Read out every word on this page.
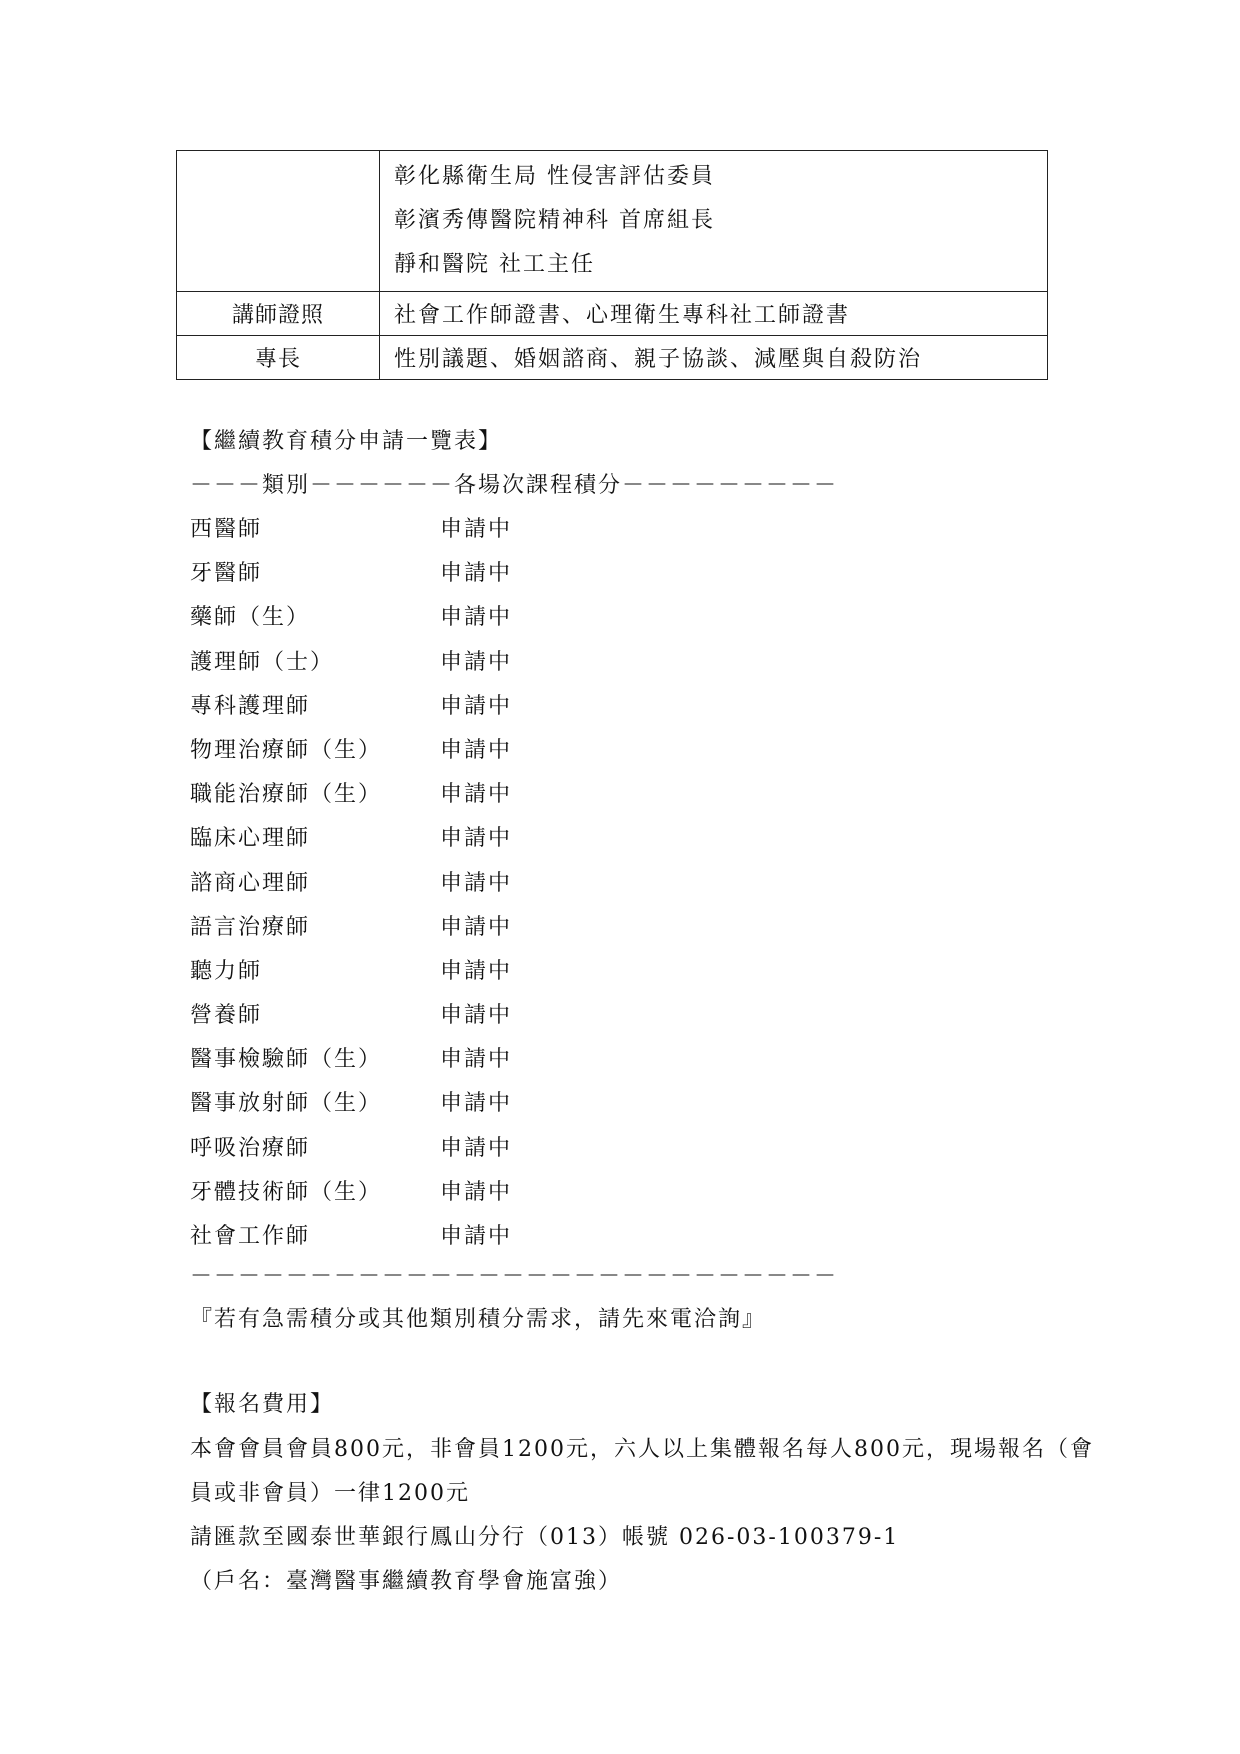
	彰化縣衛生局 性侵害評估委員
彰濱秀傳醫院精神科 首席組長
靜和醫院 社工主任

講師證照	社會工作師證書、心理衛生專科社工師證書
專長	性別議題、婚姻諮商、親子協談、減壓與自殺防治
【繼續教育積分申請一覽表】
－－－類別－－－－－－各場次課程積分－－－－－－－－－
西醫師	申請中
牙醫師	申請中
藥師（生）	申請中
護理師（士）	申請中
專科護理師	申請中
物理治療師（生）	申請中
職能治療師（生）	申請中
臨床心理師	申請中
諮商心理師	申請中
語言治療師	申請中
聽力師	申請中
營養師	申請中
醫事檢驗師（生）	申請中
醫事放射師（生）	申請中
呼吸治療師	申請中
牙體技術師（生）	申請中
社會工作師	申請中
－－－－－－－－－－－－－－－－－－－－－－－－－－－
『若有急需積分或其他類別積分需求，請先來電洽詢』
【報名費用】
本會會員會員800元，非會員1200元，六人以上集體報名每人800元，現場報名（會
員或非會員）一律1200元
請匯款至國泰世華銀行鳳山分行（013）帳號 026-03-100379-1
（戶名：臺灣醫事繼續教育學會施富強）
